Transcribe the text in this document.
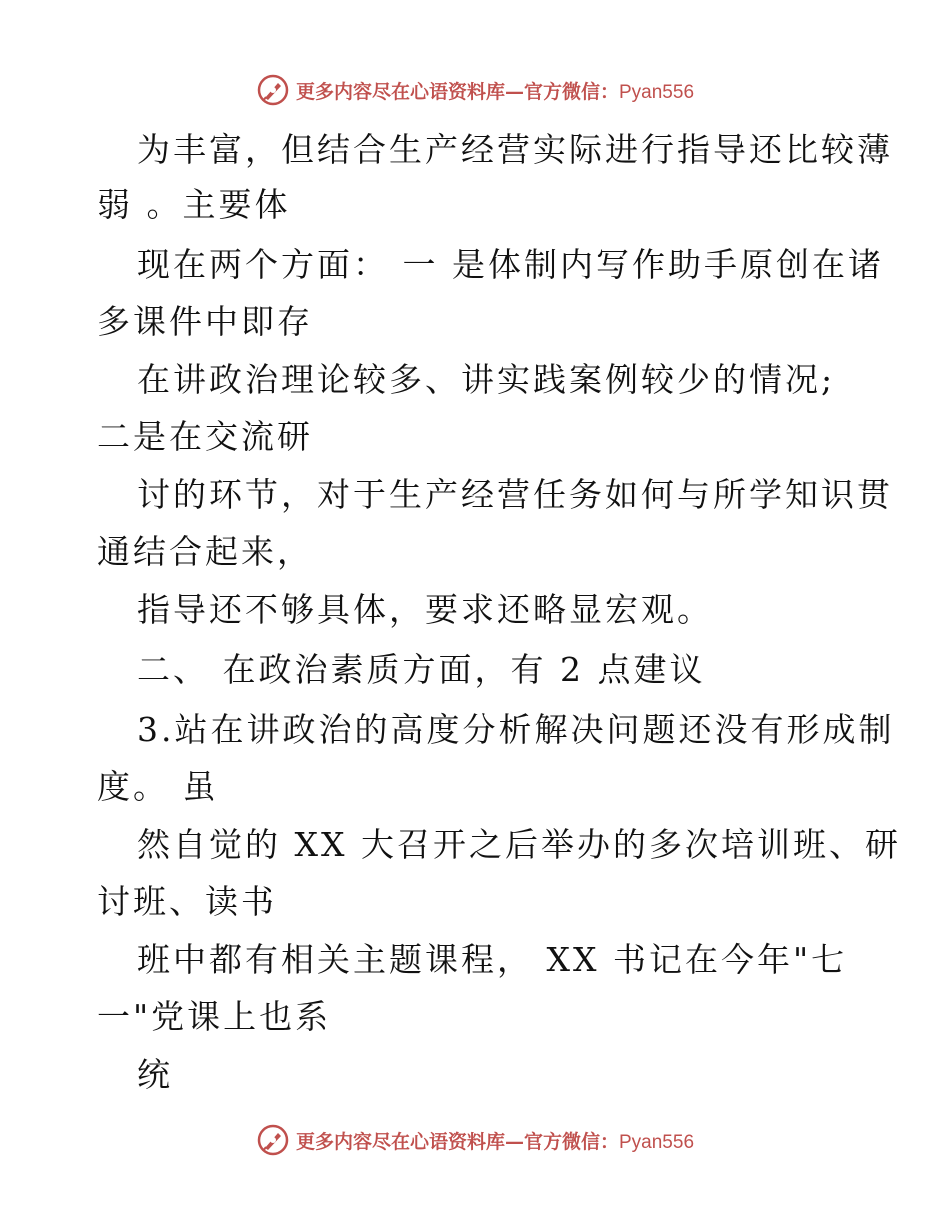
更多内容尽在心语资料库—官方微信：Pyan556
为丰富，但结合生产经营实际进行指导还比较薄
弱 。主要体
现在两个方面： 一 是体制内写作助手原创在诸
多课件中即存
在讲政治理论较多、讲实践案例较少的情况;
二是在交流研
讨的环节，对于生产经营任务如何与所学知识贯
通结合起来，
指导还不够具体，要求还略显宏观。
二、 在政治素质方面，有 2 点建议
3.站在讲政治的高度分析解决问题还没有形成制
度。 虽
然自觉的 XX 大召开之后举办的多次培训班、研
讨班、读书
班中都有相关主题课程， XX 书记在今年"七
一"党课上也系
统
更多内容尽在心语资料库—官方微信：Pyan556
